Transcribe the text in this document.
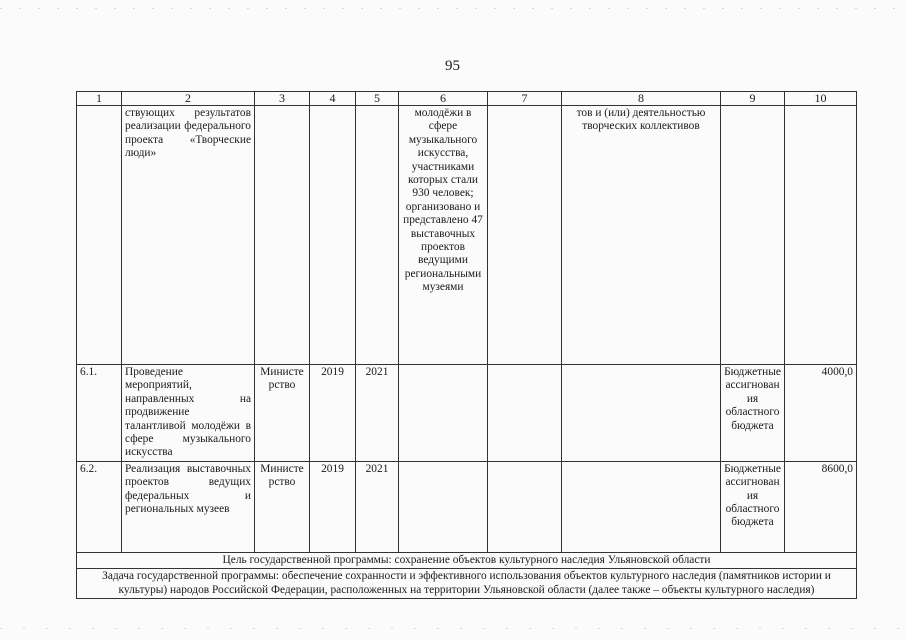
95
1	2	3	4	5	6	7	8	9	10
	ствующих результатов реализации федерального проекта «Творческие люди»				молодёжи в сфере музыкального искусства, участниками которых стали 930 человек; организовано и представлено 47 выставочных проектов ведущими региональными музеями		тов и (или) деятельностью творческих коллективов		
6.1.	Проведение мероприятий, направленных на продвижение талантливой молодёжи в сфере музыкального искусства	Министерство	2019	2021				Бюджетные ассигнования областного бюджета	4000,0
6.2.	Реализация выставочных проектов ведущих федеральных и региональных музеев	Министерство	2019	2021				Бюджетные ассигнования областного бюджета	8600,0
Цель государственной программы: сохранение объектов культурного наследия Ульяновской области									
Задача государственной программы: обеспечение сохранности и эффективного использования объектов культурного наследия (памятников истории и культуры) народов Российской Федерации, расположенных на территории Ульяновской области (далее также – объекты культурного наследия)									
